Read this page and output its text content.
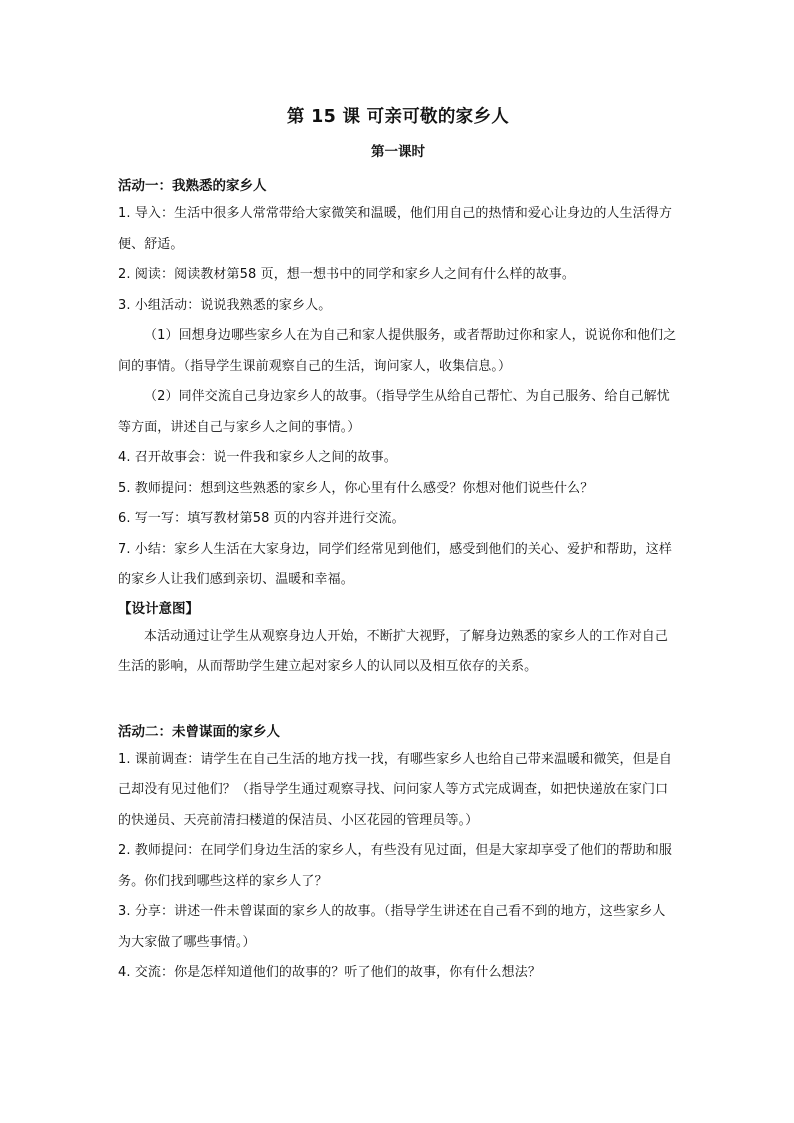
第 15 课 可亲可敬的家乡人

第一课时

活动一：我熟悉的家乡人

1. 导入：生活中很多人常常带给大家微笑和温暖，他们用自己的热情和爱心让身边的人生活得方便、舒适。

2. 阅读：阅读教材第58 页，想一想书中的同学和家乡人之间有什么样的故事。

3. 小组活动：说说我熟悉的家乡人。

（1）回想身边哪些家乡人在为自己和家人提供服务，或者帮助过你和家人，说说你和他们之间的事情。（指导学生课前观察自己的生活，询问家人，收集信息。）

（2）同伴交流自己身边家乡人的故事。（指导学生从给自己帮忙、为自己服务、给自己解忧等方面，讲述自己与家乡人之间的事情。）

4. 召开故事会：说一件我和家乡人之间的故事。

5. 教师提问：想到这些熟悉的家乡人，你心里有什么感受？你想对他们说些什么？

6. 写一写：填写教材第58 页的内容并进行交流。

7. 小结：家乡人生活在大家身边，同学们经常见到他们，感受到他们的关心、爱护和帮助，这样的家乡人让我们感到亲切、温暖和幸福。

【设计意图】

本活动通过让学生从观察身边人开始，不断扩大视野，了解身边熟悉的家乡人的工作对自己生活的影响，从而帮助学生建立起对家乡人的认同以及相互依存的关系。

活动二：未曾谋面的家乡人

1. 课前调查：请学生在自己生活的地方找一找，有哪些家乡人也给自己带来温暖和微笑，但是自己却没有见过他们？（指导学生通过观察寻找、问问家人等方式完成调查，如把快递放在家门口的快递员、天亮前清扫楼道的保洁员、小区花园的管理员等。）

2. 教师提问：在同学们身边生活的家乡人，有些没有见过面，但是大家却享受了他们的帮助和服务。你们找到哪些这样的家乡人了？

3. 分享：讲述一件未曾谋面的家乡人的故事。（指导学生讲述在自己看不到的地方，这些家乡人为大家做了哪些事情。）

4. 交流：你是怎样知道他们的故事的？听了他们的故事，你有什么想法？
